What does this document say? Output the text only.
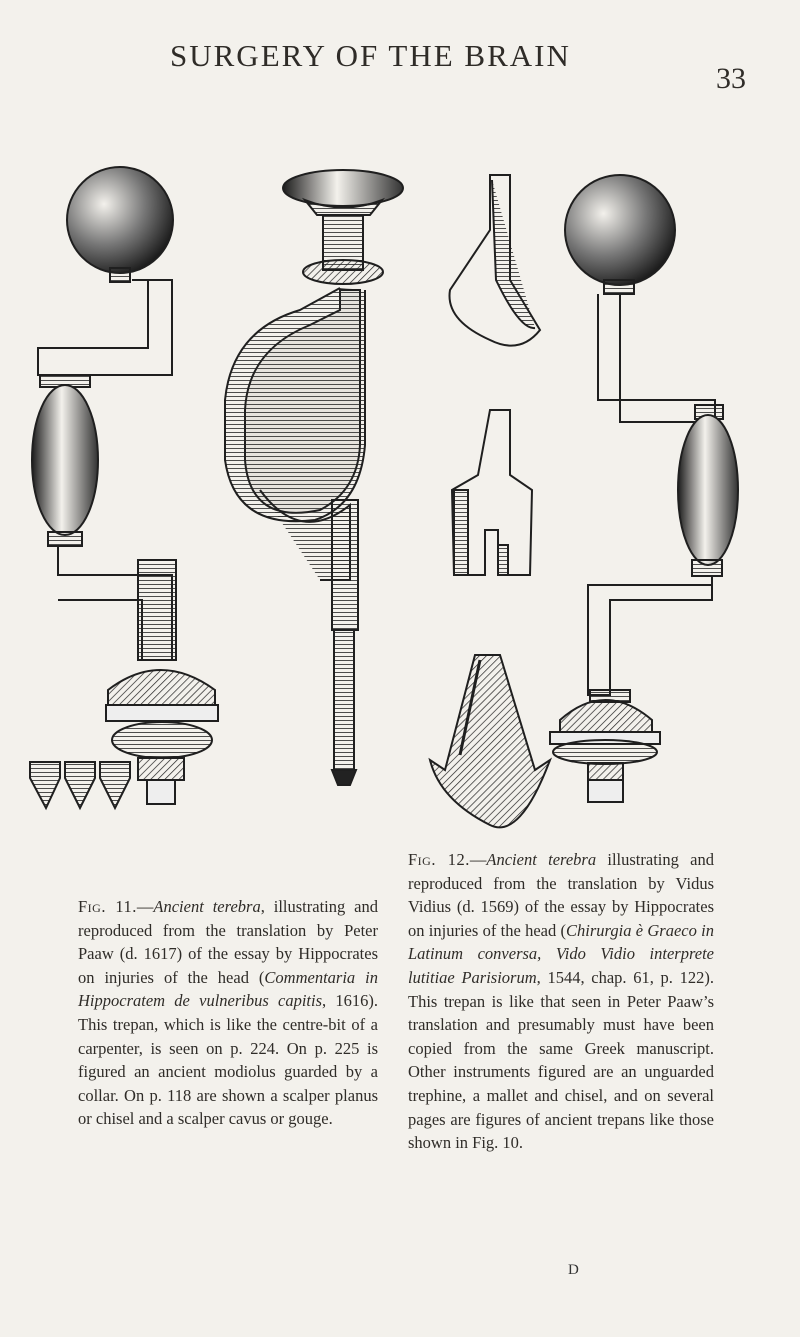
SURGERY OF THE BRAIN
33
Fig. 11.—Ancient terebra, illustrating and reproduced from the translation by Peter Paaw (d. 1617) of the essay by Hippocrates on injuries of the head (Commentaria in Hippocratem de vulneribus capitis, 1616). This trepan, which is like the centre-bit of a carpenter, is seen on p. 224. On p. 225 is figured an ancient modiolus guarded by a collar. On p. 118 are shown a scalper planus or chisel and a scalper cavus or gouge.
Fig. 12.—Ancient terebra illustrating and reproduced from the translation by Vidus Vidius (d. 1569) of the essay by Hippocrates on injuries of the head (Chirurgia è Graeco in Latinum conversa, Vido Vidio interprete lutitiae Parisiorum, 1544, chap. 61, p. 122). This trepan is like that seen in Peter Paaw’s translation and presumably must have been copied from the same Greek manuscript. Other instruments figured are an unguarded trephine, a mallet and chisel, and on several pages are figures of ancient trepans like those shown in Fig. 10.
D
